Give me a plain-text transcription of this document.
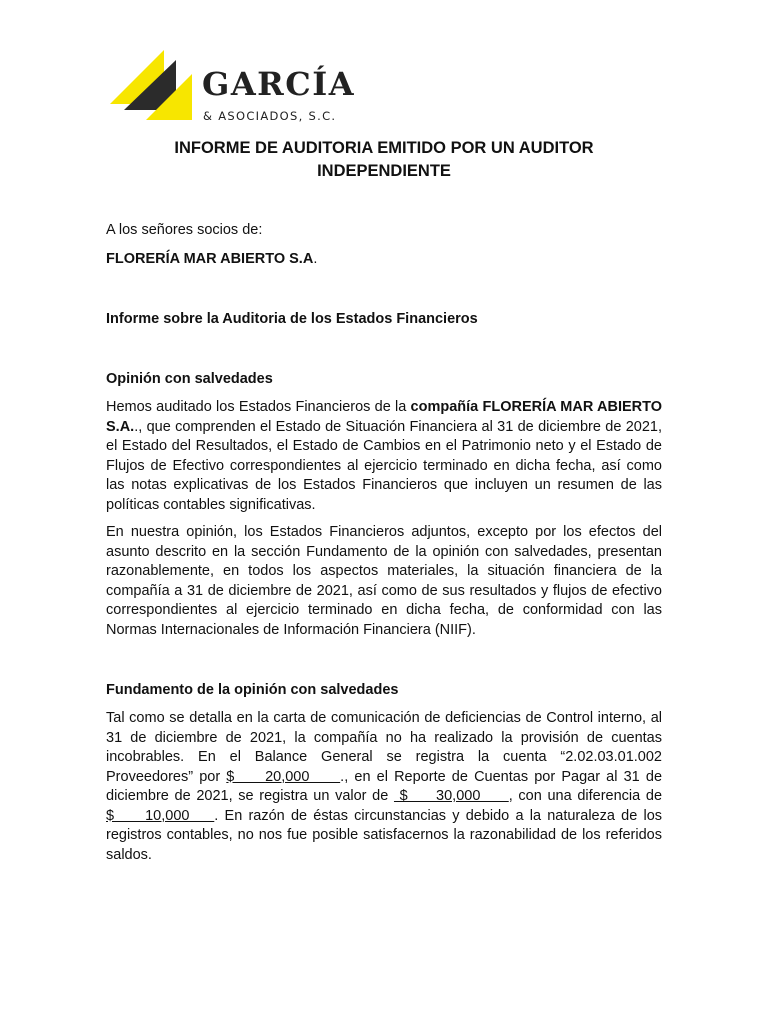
GARCÍA
& ASOCIADOS, S.C.
INFORME DE AUDITORIA EMITIDO POR UN AUDITOR
INDEPENDIENTE

A los señores socios de:

FLORERÍA MAR ABIERTO S.A.

Informe sobre la Auditoria de los Estados Financieros

Opinión con salvedades

Hemos auditado los Estados Financieros de la compañía FLORERÍA MAR ABIERTO S.A.., que comprenden el Estado de Situación Financiera al 31 de diciembre de 2021, el Estado del Resultados, el Estado de Cambios en el Patrimonio neto y el Estado de Flujos de Efectivo correspondientes al ejercicio terminado en dicha fecha, así como las notas explicativas de los Estados Financieros que incluyen un resumen de las políticas contables significativas.

En nuestra opinión, los Estados Financieros adjuntos, excepto por los efectos del asunto descrito en la sección Fundamento de la opinión con salvedades, presentan razonablemente, en todos los aspectos materiales, la situación financiera de la compañía a 31 de diciembre de 2021, así como de sus resultados y flujos de efectivo correspondientes al ejercicio terminado en dicha fecha, de conformidad con las Normas Internacionales de Información Financiera (NIIF).

Fundamento de la opinión con salvedades

Tal como se detalla en la carta de comunicación de deficiencias de Control interno, al 31 de diciembre de 2021, la compañía no ha realizado la provisión de cuentas incobrables. En el Balance General se registra la cuenta “2.02.03.01.002 Proveedores” por $     20,000     ., en el Reporte de Cuentas por Pagar al 31 de diciembre de 2021, se registra un valor de  $     30,000     , con una diferencia de $     10,000    . En razón de éstas circunstancias y debido a la naturaleza de los registros contables, no nos fue posible satisfacernos la razonabilidad de los referidos saldos.
